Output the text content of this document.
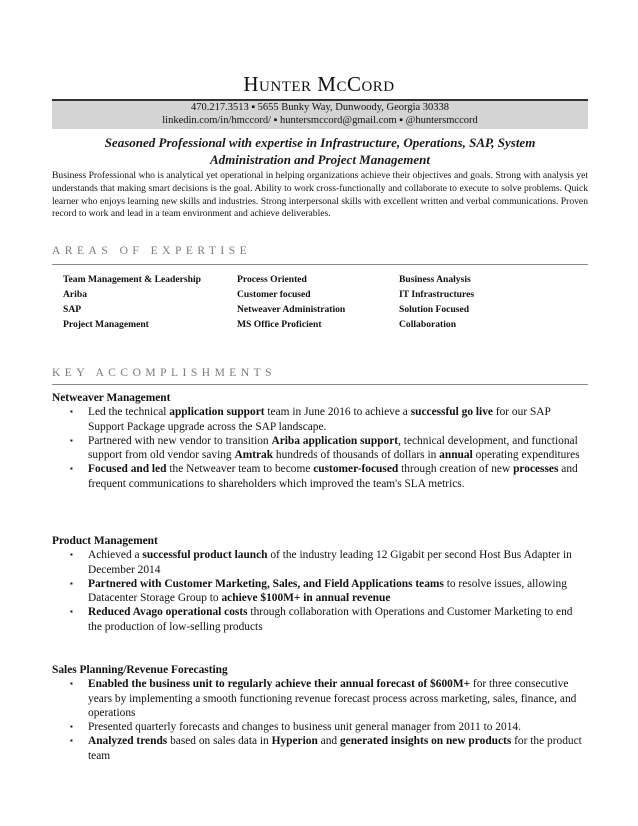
Hunter McCord
470.217.3513 ▪ 5655 Bunky Way, Dunwoody, Georgia 30338
linkedin.com/in/hmccord/ ▪ huntersmccord@gmail.com ▪ @huntersmccord
Seasoned Professional with expertise in Infrastructure, Operations, SAP, System
Administration and Project Management
Business Professional who is analytical yet operational in helping organizations achieve their objectives and goals. Strong with analysis yet understands that making smart decisions is the goal. Ability to work cross-functionally and collaborate to execute to solve problems. Quick learner who enjoys learning new skills and industries. Strong interpersonal skills with excellent written and verbal communications. Proven record to work and lead in a team environment and achieve deliverables.
AREAS OF EXPERTISE
Team Management & Leadership	Process Oriented	Business Analysis
Ariba	Customer focused	IT Infrastructures
SAP	Netweaver Administration	Solution Focused
Project Management	MS Office Proficient	Collaboration
KEY ACCOMPLISHMENTS
Netweaver Management
▪ Led the technical application support team in June 2016 to achieve a successful go live for our SAP Support Package upgrade across the SAP landscape.
▪ Partnered with new vendor to transition Ariba application support, technical development, and functional support from old vendor saving Amtrak hundreds of thousands of dollars in annual operating expenditures
▪ Focused and led the Netweaver team to become customer-focused through creation of new processes and frequent communications to shareholders which improved the team's SLA metrics.
Product Management
▪ Achieved a successful product launch of the industry leading 12 Gigabit per second Host Bus Adapter in December 2014
▪ Partnered with Customer Marketing, Sales, and Field Applications teams to resolve issues, allowing Datacenter Storage Group to achieve $100M+ in annual revenue
▪ Reduced Avago operational costs through collaboration with Operations and Customer Marketing to end the production of low-selling products
Sales Planning/Revenue Forecasting
▪ Enabled the business unit to regularly achieve their annual forecast of $600M+ for three consecutive years by implementing a smooth functioning revenue forecast process across marketing, sales, finance, and operations
▪ Presented quarterly forecasts and changes to business unit general manager from 2011 to 2014.
▪ Analyzed trends based on sales data in Hyperion and generated insights on new products for the product team
